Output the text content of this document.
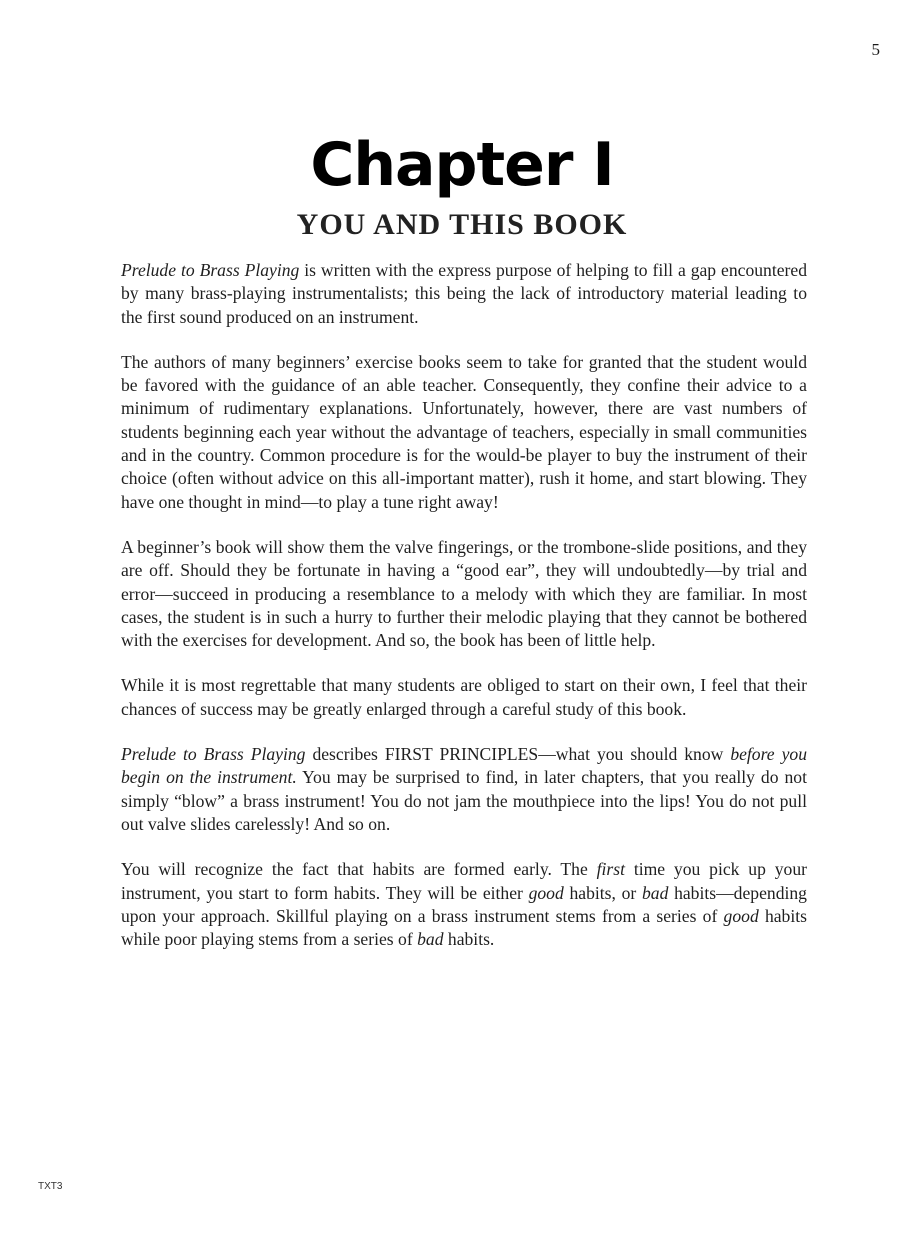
5
Chapter I
YOU AND THIS BOOK

Prelude to Brass Playing is written with the express purpose of helping to fill a gap encountered by many brass-playing instrumentalists; this being the lack of introductory material leading to the first sound produced on an instrument.

The authors of many beginners’ exercise books seem to take for granted that the student would be favored with the guidance of an able teacher. Consequently, they confine their advice to a minimum of rudimentary explanations. Unfortunately, however, there are vast numbers of students beginning each year without the advantage of teachers, especially in small communities and in the country. Common procedure is for the would-be player to buy the instrument of their choice (often without advice on this all-important matter), rush it home, and start blowing. They have one thought in mind—to play a tune right away!

A beginner’s book will show them the valve fingerings, or the trombone-slide positions, and they are off. Should they be fortunate in having a “good ear”, they will undoubtedly—by trial and error—succeed in producing a resemblance to a melody with which they are familiar. In most cases, the student is in such a hurry to further their melodic playing that they cannot be bothered with the exercises for development. And so, the book has been of little help.

While it is most regrettable that many students are obliged to start on their own, I feel that their chances of success may be greatly enlarged through a careful study of this book.

Prelude to Brass Playing describes FIRST PRINCIPLES—what you should know before you begin on the instrument. You may be surprised to find, in later chapters, that you really do not simply “blow” a brass instrument! You do not jam the mouthpiece into the lips! You do not pull out valve slides carelessly! And so on.

You will recognize the fact that habits are formed early. The first time you pick up your instrument, you start to form habits. They will be either good habits, or bad habits—depending upon your approach. Skillful playing on a brass instrument stems from a series of good habits while poor playing stems from a series of bad habits.

TXT3
